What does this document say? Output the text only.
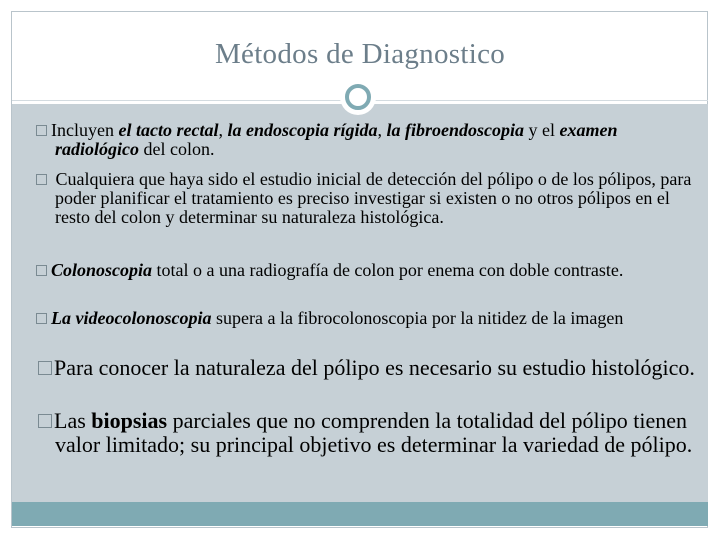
Métodos de Diagnostico

Incluyen el tacto rectal, la endoscopia rígida, la fibroendoscopia y el examen radiológico del colon.

Cualquiera que haya sido el estudio inicial de detección del pólipo o de los pólipos, para poder planificar el tratamiento es preciso investigar si existen o no otros pólipos en el resto del colon y determinar su naturaleza histológica.

Colonoscopia total o a una radiografía de colon por enema con doble contraste.

La videocolonoscopia supera a la fibrocolonoscopia por la nitidez de la imagen

Para conocer la naturaleza del pólipo es necesario su estudio histológico.

Las biopsias parciales que no comprenden la totalidad del pólipo tienen valor limitado; su principal objetivo es determinar la variedad de pólipo.
